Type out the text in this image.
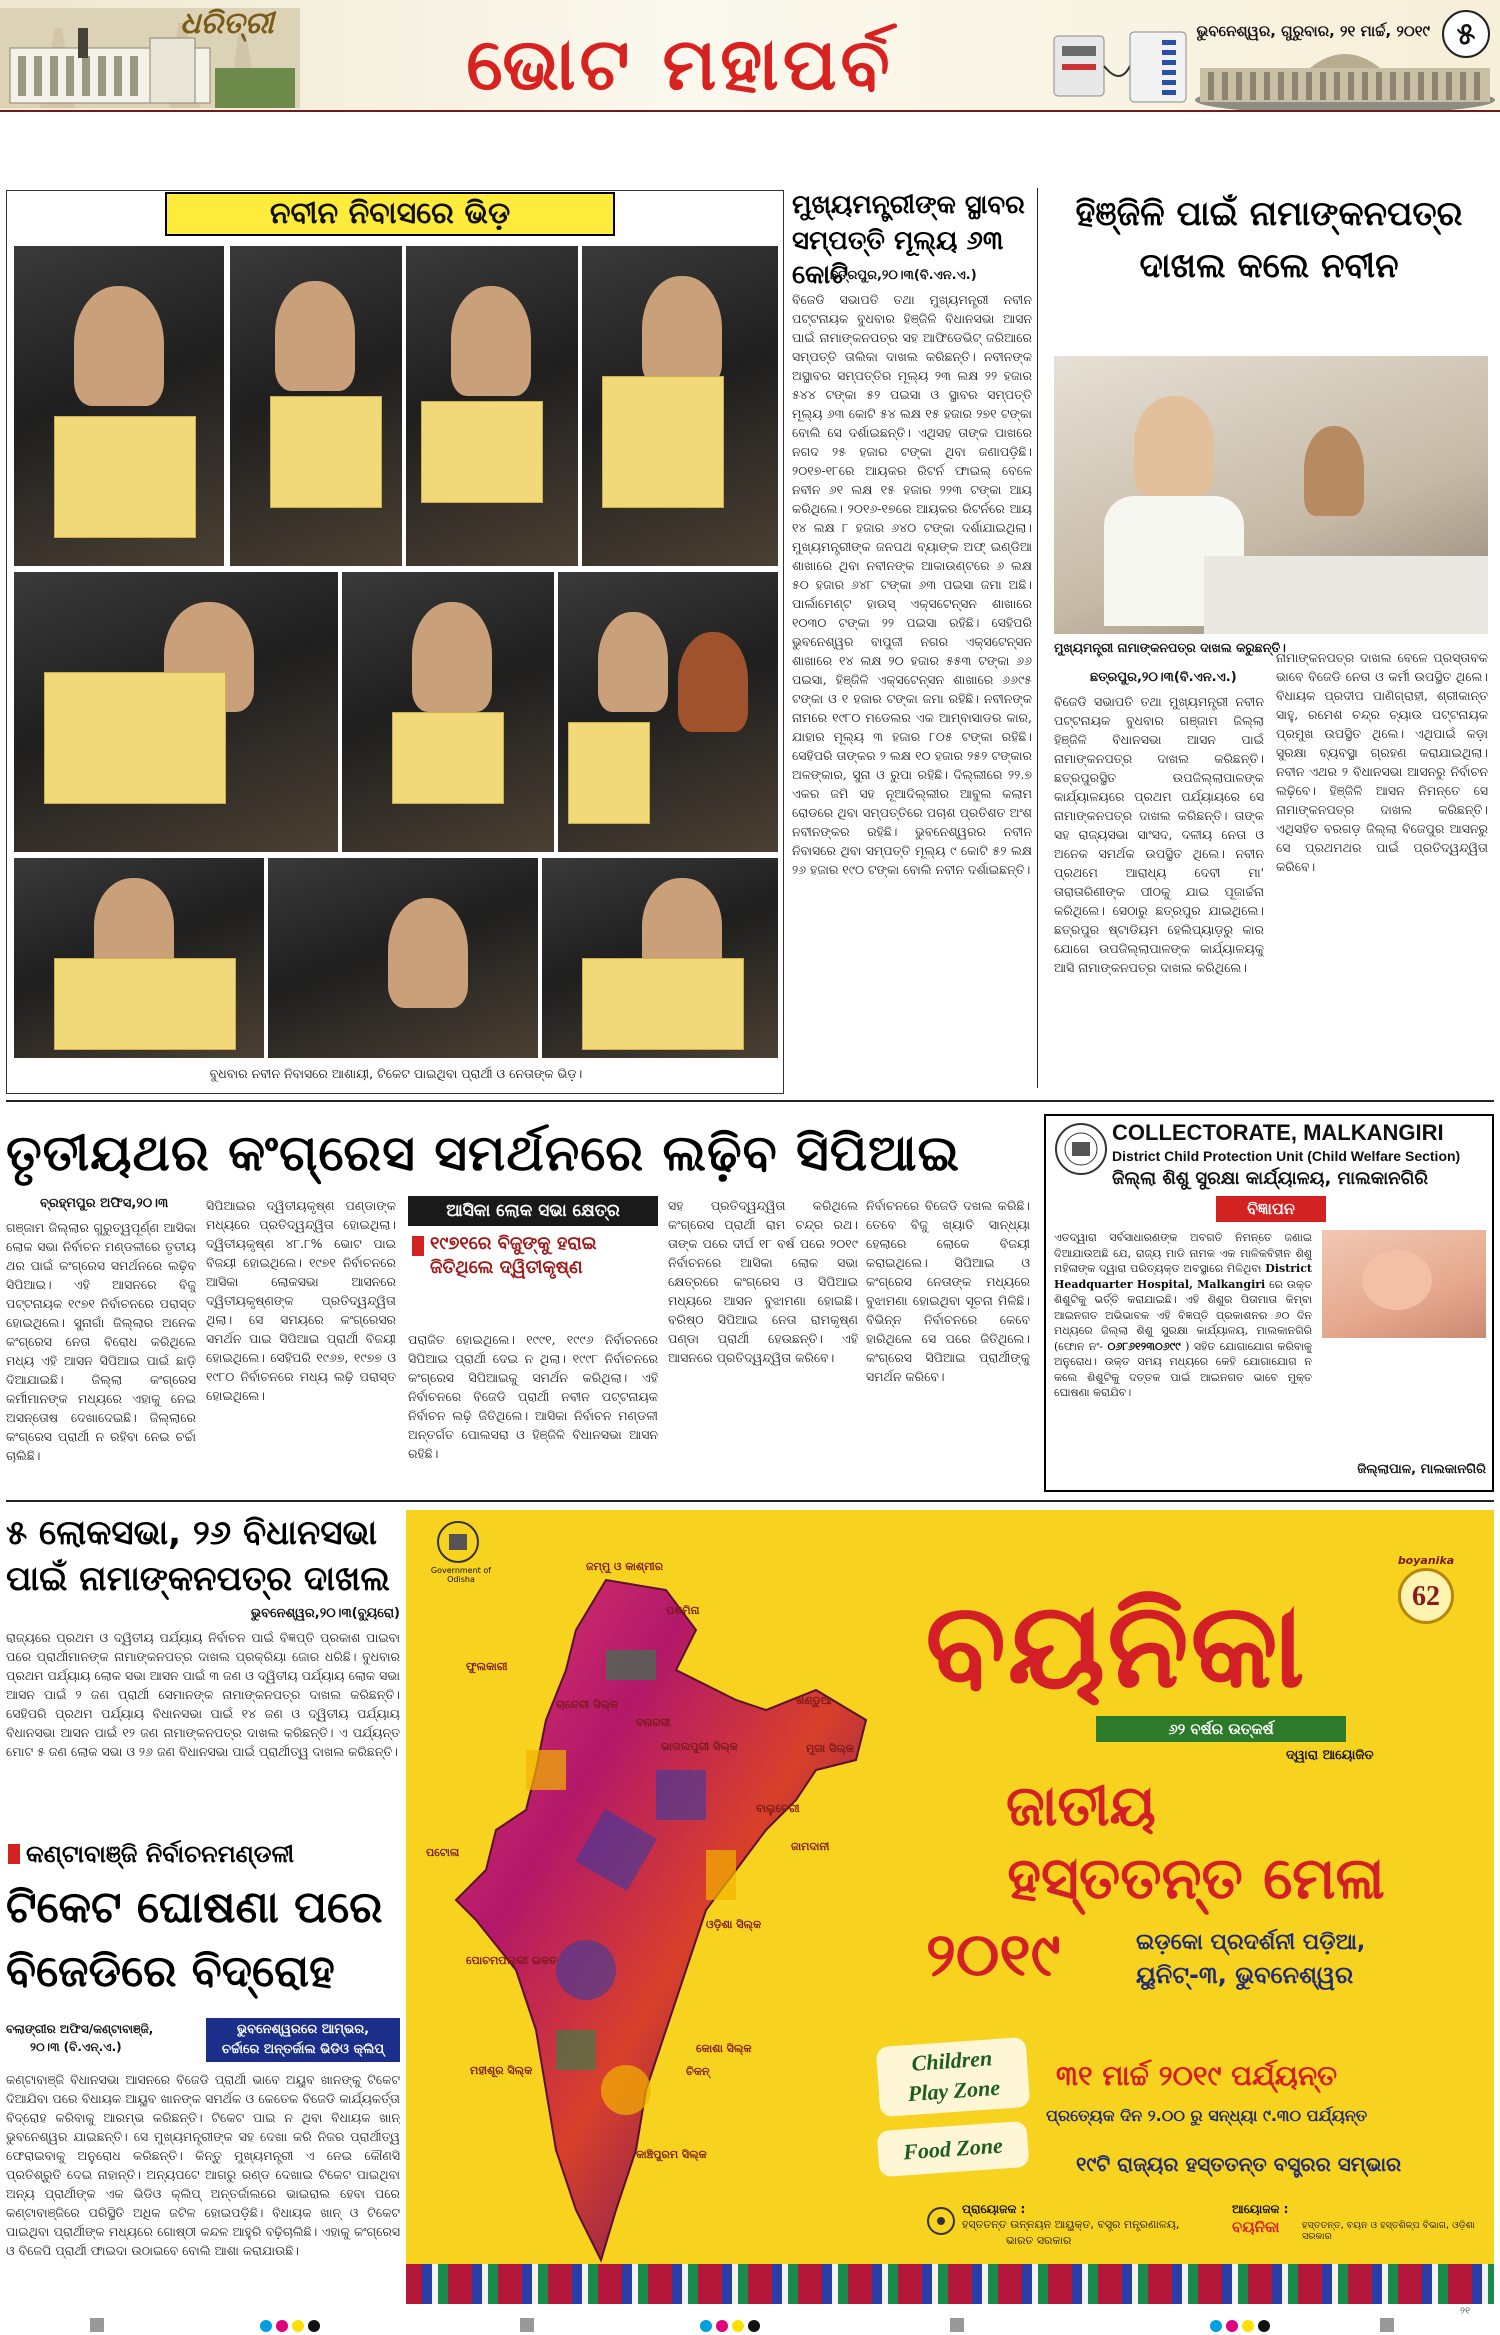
ଧରିତ୍ରୀ	ଭୋଟ ମହାପର୍ବ	ଭୁବନେଶ୍ୱର, ଗୁରୁବାର, ୨୧ ମାର୍ଚ୍ଚ, ୨୦୧୯ ୫
ନବୀନ ନିବାସରେ ଭିଡ଼
ବୁଧବାର ନବୀନ ନିବାସରେ ଆଶାୟୀ, ଟିକେଟ ପାଇଥିବା ପ୍ରାର୍ଥୀ ଓ ନେତାଙ୍କ ଭିଡ଼।
ମୁଖ୍ୟମନ୍ତ୍ରୀଙ୍କ ସ୍ଥାବର
ସମ୍ପତ୍ତି ମୂଲ୍ୟ ୬୩ କୋଟି
ଛତ୍ରପୁର,୨୦।୩(ବି.ଏନ.ଏ.)
ବିଜେଡି ସଭାପତି ତଥା ମୁଖ୍ୟମନ୍ତ୍ରୀ ନବୀନ ପଟ୍ଟନାୟକ ବୁଧବାର ହିଞ୍ଜିଳି ବିଧାନସଭା ଆସନ ପାଇଁ ନାମାଙ୍କନପତ୍ର ସହ ଆଫିଡେଭିଟ୍ ଜରିଆରେ ସମ୍ପତ୍ତି ତାଲିକା ଦାଖଲ କରିଛନ୍ତି। ନବୀନଙ୍କ ଅସ୍ଥାବର ସମ୍ପତ୍ତିର ମୂଲ୍ୟ ୨୩ ଲକ୍ଷ ୨୨ ହଜାର ୫୪୪ ଟଙ୍କା ୫୨ ପଇସା ଓ ସ୍ଥାବର ସମ୍ପତ୍ତି ମୂଲ୍ୟ ୬୩ କୋଟି ୫୪ ଲକ୍ଷ ୧୫ ହଜାର ୨୭୧ ଟଙ୍କା ବୋଲି ସେ ଦର୍ଶାଇଛନ୍ତି। ଏଥିସହ ତାଙ୍କ ପାଖରେ ନଗଦ ୨୫ ହଜାର ଟଙ୍କା ଥିବା ଜଣାପଡ଼ିଛି। ୨୦୧୭-୧୮ରେ ଆୟକର ରିଟର୍ନ ଫାଇଲ୍ ବେଳେ ନବୀନ ୬୧ ଲକ୍ଷ ୧୫ ହଜାର ୨୨୩ ଟଙ୍କା ଆୟ କରିଥିଲେ। ୨୦୧୬-୧୭ରେ ଆୟକର ରିଟର୍ନରେ ଆୟ ୧୪ ଲକ୍ଷ ୮ ହଜାର ୬୪୦ ଟଙ୍କା ଦର୍ଶାଯାଇଥିଲା। ମୁଖ୍ୟମନ୍ତ୍ରୀଙ୍କ ଜନପଥ ବ୍ୟାଙ୍କ ଅଫ୍ ଇଣ୍ଡିଆ ଶାଖାରେ ଥିବା ନବୀନଙ୍କ ଆକାଉଣ୍ଟରେ ୬ ଲକ୍ଷ ୫୦ ହଜାର ୬୪୮ ଟଙ୍କା ୬୩ ପଇସା ଜମା ଅଛି। ପାର୍ଲାମେଣ୍ଟ ହାଉସ୍ ଏକ୍ସଟେନ୍ସନ ଶାଖାରେ ୧୦୩୦ ଟଙ୍କା ୨୨ ପଇସା ରହିଛି। ସେହିପରି ଭୁବନେଶ୍ୱର ବାପୁଜୀ ନଗର ଏକ୍ସଟେନ୍ସନ ଶାଖାରେ ୧୪ ଲକ୍ଷ ୨୦ ହଜାର ୫୫୩ ଟଙ୍କା ୬୬ ପଇସା, ହିଞ୍ଜିଳି ଏକ୍ସଟେନ୍ସନ ଶାଖାରେ ୬୬୯୫ ଟଙ୍କା ଓ ୧ ହଜାର ଟଙ୍କା ଜମା ରହିଛି। ନବୀନଙ୍କ ନାମରେ ୧୯୮୦ ମଡେଲର ଏକ ଆମ୍ବାସାଡର କାର, ଯାହାର ମୂଲ୍ୟ ୩ ହଜାର ୮୦୫ ଟଙ୍କା ରହିଛି। ସେହିପରି ତାଙ୍କର ୨ ଲକ୍ଷ ୧୦ ହଜାର ୨୫୨ ଟଙ୍କାର ଅଳଙ୍କାର, ସୁନା ଓ ରୁପା ରହିଛି। ଦିଲ୍ଲୀରେ ୨୨.୭ ଏକର ଜମି ସହ ନୂଆଦିଲ୍ଲୀର ଆବୁଲ କଲାମ ରୋଡରେ ଥିବା ସମ୍ପତ୍ତିରେ ପଚାଶ ପ୍ରତିଶତ ଅଂଶ ନବୀନଙ୍କର ରହିଛି। ଭୁବନେଶ୍ୱରର ନବୀନ ନିବାସରେ ଥିବା ସମ୍ପତ୍ତି ମୂଲ୍ୟ ୯ କୋଟି ୫୨ ଲକ୍ଷ ୨୬ ହଜାର ୧୯୦ ଟଙ୍କା ବୋଲି ନବୀନ ଦର୍ଶାଇଛନ୍ତି।
ହିଞ୍ଜିଳି ପାଇଁ ନାମାଙ୍କନପତ୍ର
ଦାଖଲ କଲେ ନବୀନ
ମୁଖ୍ୟମନ୍ତ୍ରୀ ନାମାଙ୍କନପତ୍ର ଦାଖଲ କରୁଛନ୍ତି।
ଛତ୍ରପୁର,୨୦।୩(ବି.ଏନ.ଏ.)
ବିଜେଡି ସଭାପତି ତଥା ମୁଖ୍ୟମନ୍ତ୍ରୀ ନବୀନ ପଟ୍ଟନାୟକ ବୁଧବାର ଗଞ୍ଜାମ ଜିଲ୍ଲା ହିଞ୍ଜିଳି ବିଧାନସଭା ଆସନ ପାଇଁ ନାମାଙ୍କନପତ୍ର ଦାଖଲ କରିଛନ୍ତି। ଛତ୍ରପୁରସ୍ଥିତ ଉପଜିଲ୍ଲାପାଳଙ୍କ କାର୍ଯ୍ୟାଳୟରେ ପ୍ରଥମ ପର୍ଯ୍ୟାୟରେ ସେ ନାମାଙ୍କନପତ୍ର ଦାଖଲ କରିଛନ୍ତି। ତାଙ୍କ ସହ ରାଜ୍ୟସଭା ସାଂସଦ, ଦଳୀୟ ନେତା ଓ ଅନେକ ସମର୍ଥକ ଉପସ୍ଥିତ ଥିଲେ। ନବୀନ ପ୍ରଥମେ ଆରାଧ୍ୟ ଦେବୀ ମା' ତାରାତାରିଣୀଙ୍କ ପୀଠକୁ ଯାଇ ପୂଜାର୍ଚ୍ଚନା କରିଥିଲେ। ସେଠାରୁ ଛତ୍ରପୁର ଯାଇଥିଲେ। ଛତ୍ରପୁର ଷ୍ଟାଡିୟମ ହେଲିପ୍ୟାଡ଼ରୁ କାର ଯୋଗେ ଉପଜିଲ୍ଲାପାଳଙ୍କ କାର୍ଯ୍ୟାଳୟକୁ ଆସି ନାମାଙ୍କନପତ୍ର ଦାଖଲ କରିଥିଲେ।
ନାମାଙ୍କନପତ୍ର ଦାଖଲ ବେଳେ ପ୍ରସ୍ତାବକ ଭାବେ ବିଜେଡି ନେତା ଓ କର୍ମୀ ଉପସ୍ଥିତ ଥିଲେ। ବିଧାୟକ ପ୍ରଦୀପ ପାଣିଗ୍ରାହୀ, ଶ୍ରୀକାନ୍ତ ସାହୁ, ରମେଶ ଚନ୍ଦ୍ର ଚ୍ୟାଉ ପଟ୍ଟନାୟକ ପ୍ରମୁଖ ଉପସ୍ଥିତ ଥିଲେ। ଏଥିପାଇଁ କଡ଼ା ସୁରକ୍ଷା ବ୍ୟବସ୍ଥା ଗ୍ରହଣ କରାଯାଇଥିଲା। ନବୀନ ଏଥର ୨ ବିଧାନସଭା ଆସନରୁ ନିର୍ବାଚନ ଲଢ଼ିବେ। ହିଞ୍ଜିଳି ଆସନ ନିମନ୍ତେ ସେ ନାମାଙ୍କନପତ୍ର ଦାଖଲ କରିଛନ୍ତି। ଏଥିସହିତ ବରଗଡ଼ ଜିଲ୍ଲା ବିଜେପୁର ଆସନରୁ ସେ ପ୍ରଥମଥର ପାଇଁ ପ୍ରତିଦ୍ୱନ୍ଦ୍ୱିତା କରିବେ।
ତୃତୀୟଥର କଂଗ୍ରେସ ସମର୍ଥନରେ ଲଢ଼ିବ ସିପିଆଇ
ବ୍ରହ୍ମପୁର ଅଫିସ,୨୦।୩
ଗଞ୍ଜାମ ଜିଲ୍ଲାର ଗୁରୁତ୍ୱପୂର୍ଣ୍ଣ ଆସିକା ଲୋକ ସଭା ନିର୍ବାଚନ ମଣ୍ଡଳୀରେ ତୃତୀୟ ଥର ପାଇଁ କଂଗ୍ରେସ ସମର୍ଥନରେ ଲଢ଼ିବ ସିପିଆଇ। ଏହି ଆସନରେ ବିଜୁ ପଟ୍ଟନାୟକ ୧୯୭୧ ନିର୍ବାଚନରେ ପରାସ୍ତ ହୋଇଥିଲେ। ସୁନାଗାଁ ଜିଲ୍ଲାର ଅନେକ କଂଗ୍ରେସ ନେତା ବିରୋଧ କରିଥିଲେ ମଧ୍ୟ ଏହି ଆସନ ସିପିଆଇ ପାଇଁ ଛାଡ଼ି ଦିଆଯାଇଛି। ଜିଲ୍ଲା କଂଗ୍ରେସ କର୍ମୀମାନଙ୍କ ମଧ୍ୟରେ ଏହାକୁ ନେଇ ଅସନ୍ତୋଷ ଦେଖାଦେଇଛି। ଜିଲ୍ଲାରେ କଂଗ୍ରେସ ପ୍ରାର୍ଥୀ ନ ରହିବା ନେଇ ଚର୍ଚ୍ଚା ଚାଲିଛି।
ସିପିଆଇର ଦ୍ୱିତୀୟକୃଷ୍ଣ ପଣ୍ଡାଙ୍କ ମଧ୍ୟରେ ପ୍ରତିଦ୍ୱନ୍ଦ୍ୱିତା ହୋଇଥିଲା। ଦ୍ୱିତୀୟକୃଷ୍ଣ ୪୮.୮% ଭୋଟ ପାଇ ବିଜୟୀ ହୋଇଥିଲେ। ୧୯୭୧ ନିର୍ବାଚନରେ ଆସିକା ଲୋକସଭା ଆସନରେ ଦ୍ୱିତୀୟକୃଷ୍ଣଙ୍କ ପ୍ରତିଦ୍ୱନ୍ଦ୍ୱିତା ଥିଲା। ସେ ସମୟରେ କଂଗ୍ରେସର ସମର୍ଥନ ପାଇ ସିପିଆଇ ପ୍ରାର୍ଥୀ ବିଜୟୀ ହୋଇଥିଲେ। ସେହିପରି ୧୯୬୭, ୧୯୭୭ ଓ ୧୯୮୦ ନିର୍ବାଚନରେ ମଧ୍ୟ ଲଢ଼ି ପରାସ୍ତ ହୋଇଥିଲେ।
ଆସିକା ଲୋକ ସଭା କ୍ଷେତ୍ର
୧୯୭୧ରେ ବିଜୁଙ୍କୁ ହରାଇ ଜିତିଥିଲେ ଦ୍ୱିତୀକୃଷ୍ଣ
ପରାଜିତ ହୋଇଥିଲେ। ୧୯୯୧, ୧୯୯୬ ନିର୍ବାଚନରେ ସିପିଆଇ ପ୍ରାର୍ଥୀ ଦେଇ ନ ଥିଲା। ୧୯୯୮ ନିର୍ବାଚନରେ କଂଗ୍ରେସ ସିପିଆଇକୁ ସମର୍ଥନ କରିଥିଲା। ଏହି ନିର୍ବାଚନରେ ବିଜେଡି ପ୍ରାର୍ଥୀ ନବୀନ ପଟ୍ଟନାୟକ ନିର୍ବାଚନ ଲଢ଼ି ଜିତିଥିଲେ। ଆସିକା ନିର୍ବାଚନ ମଣ୍ଡଳୀ ଅନ୍ତର୍ଗତ ପୋଲସରା ଓ ହିଞ୍ଜିଳି ବିଧାନସଭା ଆସନ ରହିଛି।
ସହ ପ୍ରତିଦ୍ୱନ୍ଦ୍ୱିତା କରିଥିଲେ କଂଗ୍ରେସ ପ୍ରାର୍ଥୀ ରାମ ଚନ୍ଦ୍ର ରଥ। ତାଙ୍କ ପରେ ଦୀର୍ଘ ୧୮ ବର୍ଷ ପରେ ୨୦୧୯ ନିର୍ବାଚନରେ ଆସିକା ଲୋକ ସଭା କ୍ଷେତ୍ରରେ କଂଗ୍ରେସ ଓ ସିପିଆଇ ମଧ୍ୟରେ ଆସନ ବୁଝାମଣା ହୋଇଛି। ବରିଷ୍ଠ ସିପିଆଇ ନେତା ରାମକୃଷ୍ଣ ପଣ୍ଡା ପ୍ରାର୍ଥୀ ହେଉଛନ୍ତି। ଏହି ଆସନରେ ପ୍ରତିଦ୍ୱନ୍ଦ୍ୱିତା କରିବେ।
ନିର୍ବାଚନରେ ବିଜେଡି ଦଖଲ କରିଛି। ତେବେ ବିଜୁ ଖ୍ୟାତି ସାନ୍ଧ୍ୟା ହେଲାରେ ଲୋକେ ବିଜୟୀ କରାଇଥିଲେ। ସିପିଆଇ ଓ କଂଗ୍ରେସ ନେତାଙ୍କ ମଧ୍ୟରେ ବୁଝାମଣା ହୋଇଥିବା ସୂଚନା ମିଳିଛି। ବିଭିନ୍ନ ନିର୍ବାଚନରେ କେବେ ହାରିଥିଲେ ସେ ପରେ ଜିତିଥିଲେ। କଂଗ୍ରେସ ସିପିଆଇ ପ୍ରାର୍ଥୀଙ୍କୁ ସମର୍ଥନ କରିବେ।
COLLECTORATE, MALKANGIRI
District Child Protection Unit (Child Welfare Section)
ଜିଲ୍ଲା ଶିଶୁ ସୁରକ୍ଷା କାର୍ଯ୍ୟାଳୟ, ମାଲକାନଗିରି
ବିଜ୍ଞାପନ
ଏତଦ୍ୱାରା ସର୍ବସାଧାରଣଙ୍କ ଅବଗତି ନିମନ୍ତେ ଜଣାଇ ଦିଆଯାଉଅଛି ଯେ, ରାଜ୍ୟ ମାଡି ନାମକ ଏକ ମାଳିକବିହୀନ ଶିଶୁ ମହିଳାଙ୍କ ଦ୍ୱାରା ପରିତ୍ୟକ୍ତ ଅବସ୍ଥାରେ ମିଳିଥିବା District Headquarter Hospital, Malkangiri ରେ ଉକ୍ତ ଶିଶୁଟିକୁ ଭର୍ତ୍ତି କରାଯାଇଛି। ଏହି ଶିଶୁର ପିତାମାତା କିମ୍ବା ଆଇନଗତ ଅଭିଭାବକ ଏହି ବିଜ୍ଞପ୍ତି ପ୍ରକାଶନର ୬୦ ଦିନ ମଧ୍ୟରେ ଜିଲ୍ଲା ଶିଶୁ ସୁରକ୍ଷା କାର୍ଯ୍ୟାଳୟ, ମାଲକାନଗିରି (ଫୋନ ନଂ- ୦୬୮୬୧୨୩୦୬୯୯ ) ସହିତ ଯୋଗାଯୋଗ କରିବାକୁ ଅନୁରୋଧ। ଉକ୍ତ ସମୟ ମଧ୍ୟରେ କେହି ଯୋଗାଯୋଗ ନ କଲେ ଶିଶୁଟିକୁ ଦତ୍ତକ ପାଇଁ ଆଇନଗତ ଭାବେ ମୁକ୍ତ ଘୋଷଣା କରାଯିବ।
ଜିଲ୍ଲାପାଳ, ମାଲକାନଗିରି
୫ ଲୋକସଭା, ୨୬ ବିଧାନସଭା
ପାଇଁ ନାମାଙ୍କନପତ୍ର ଦାଖଲ
ଭୁବନେଶ୍ୱର,୨୦।୩(ବ୍ୟୁରୋ)
ରାଜ୍ୟରେ ପ୍ରଥମ ଓ ଦ୍ୱିତୀୟ ପର୍ଯ୍ୟାୟ ନିର୍ବାଚନ ପାଇଁ ବିଜ୍ଞପ୍ତି ପ୍ରକାଶ ପାଇବା ପରେ ପ୍ରାର୍ଥୀମାନଙ୍କ ନାମାଙ୍କନପତ୍ର ଦାଖଲ ପ୍ରକ୍ରିୟା ଜୋର ଧରିଛି। ବୁଧବାର ପ୍ରଥମ ପର୍ଯ୍ୟାୟ ଲୋକ ସଭା ଆସନ ପାଇଁ ୩ ଜଣ ଓ ଦ୍ୱିତୀୟ ପର୍ଯ୍ୟାୟ ଲୋକ ସଭା ଆସନ ପାଇଁ ୨ ଜଣ ପ୍ରାର୍ଥୀ ସେମାନଙ୍କ ନାମାଙ୍କନପତ୍ର ଦାଖଲ କରିଛନ୍ତି। ସେହିପରି ପ୍ରଥମ ପର୍ଯ୍ୟାୟ ବିଧାନସଭା ପାଇଁ ୧୪ ଜଣ ଓ ଦ୍ୱିତୀୟ ପର୍ଯ୍ୟାୟ ବିଧାନସଭା ଆସନ ପାଇଁ ୧୨ ଜଣ ନାମାଙ୍କନପତ୍ର ଦାଖଲ କରିଛନ୍ତି। ଏ ପର୍ଯ୍ୟନ୍ତ ମୋଟ ୫ ଜଣ ଲୋକ ସଭା ଓ ୨୬ ଜଣ ବିଧାନସଭା ପାଇଁ ପ୍ରାର୍ଥୀତ୍ୱ ଦାଖଲ କରିଛନ୍ତି।
କଣ୍ଟାବାଞ୍ଜି ନିର୍ବାଚନମଣ୍ଡଳୀ
ଟିକେଟ ଘୋଷଣା ପରେ
ବିଜେଡିରେ ବିଦ୍ରୋହ
ବଲାଙ୍ଗୀର ଅଫିସ/କଣ୍ଟାବାଞ୍ଜି,
୨୦।୩ (ବି.ଏନ୍.ଏ.)
ଭୁବନେଶ୍ୱରରେ ଆମ୍ଭର,
ଚର୍ଚ୍ଚାରେ ଅନ୍ତର୍ଜାଲ ଭିଡିଓ କ୍ଲିପ୍
କଣ୍ଟାବାଞ୍ଜି ବିଧାନସଭା ଆସନରେ ବିଜେଡି ପ୍ରାର୍ଥୀ ଭାବେ ଅୟୁବ ଖାନଙ୍କୁ ଟିକେଟ ଦିଆଯିବା ପରେ ବିଧାୟକ ଆୟୁବ ଖାନଙ୍କ ସମର୍ଥକ ଓ କେତେକ ବିଜେଡି କାର୍ଯ୍ୟକର୍ତ୍ତା ବିଦ୍ରୋହ କରିବାକୁ ଆରମ୍ଭ କରିଛନ୍ତି। ଟିକେଟ ପାଇ ନ ଥିବା ବିଧାୟକ ଖାନ୍ ଭୁବନେଶ୍ୱର ଯାଇଛନ୍ତି। ସେ ମୁଖ୍ୟମନ୍ତ୍ରୀଙ୍କ ସହ ଦେଖା କରି ନିଜର ପ୍ରାର୍ଥୀତ୍ୱ ଫେରାଇବାକୁ ଅନୁରୋଧ କରିଛନ୍ତି। କିନ୍ତୁ ମୁଖ୍ୟମନ୍ତ୍ରୀ ଏ ନେଇ କୌଣସି ପ୍ରତିଶ୍ରୁତି ଦେଇ ନାହାନ୍ତି। ଅନ୍ୟପଟେ ଆଗରୁ ରଣ୍ଡ ଦେଖାଇ ଟିକେଟ ପାଇଥିବା ଅନ୍ୟ ପ୍ରାର୍ଥୀଙ୍କ ଏକ ଭିଡିଓ କ୍ଲିପ୍ ଅନ୍ତର୍ଜାଲରେ ଭାଇରାଲ ହେବା ପରେ କଣ୍ଟାବାଞ୍ଜିରେ ପରିସ୍ଥିତି ଅଧିକ ଜଟିଳ ହୋଇପଡ଼ିଛି। ବିଧାୟକ ଖାନ୍ ଓ ଟିକେଟ ପାଇଥିବା ପ୍ରାର୍ଥୀଙ୍କ ମଧ୍ୟରେ ଗୋଷ୍ଠୀ କନ୍ଦଳ ଆହୁରି ବଢ଼ିଚାଲିଛି। ଏହାକୁ କଂଗ୍ରେସ ଓ ବିଜେପି ପ୍ରାର୍ଥୀ ଫାଇଦା ଉଠାଇବେ ବୋଲି ଆଶା କରାଯାଉଛି।
Government of Odisha
ଜମ୍ମୁ ଓ କାଶ୍ମୀର
ଫୁଲକାରୀ
ଚାନ୍ଦେରୀ ସିଲ୍କ
ପଶମିନା
ବନାରସୀ
ଭାଗଲପୁରୀ ସିଲ୍କ	ମୁଗା ସିଲ୍କ
ବାଲୁଚେରୀ
ଜାମଦାନୀ
ଓଡ଼ିଶା ସିଲ୍କ
ପଟୋଳା
ପୋଚମପଲ୍ଲୀ ଇକତ
ମହୀଶୂର ସିଲ୍କ
କୋଶା ସିଲ୍କ
କାଞ୍ଚିପୁରମ ସିଲ୍କ
ଖଣ୍ଡୁଆ
ଚିକନ୍
ବୟନିକା
୬୨ ବର୍ଷର ଉତ୍କର୍ଷ
ଦ୍ୱାରା ଆୟୋଜିତ
boyanika
62
ଜାତୀୟ
ହସ୍ତତନ୍ତ ମେଳା
୨୦୧୯	ଇଡ଼କୋ ପ୍ରଦର୍ଶନୀ ପଡ଼ିଆ,
ୟୁନିଟ୍-୩, ଭୁବନେଶ୍ୱର
୩୧ ମାର୍ଚ୍ଚ ୨୦୧୯ ପର୍ଯ୍ୟନ୍ତ
ପ୍ରତ୍ୟେକ ଦିନ ୨.୦୦ ରୁ ସନ୍ଧ୍ୟା ୯.୩୦ ପର୍ଯ୍ୟନ୍ତ
୧୯ଟି ରାଜ୍ୟର ହସ୍ତତନ୍ତ ବସ୍ତ୍ରର ସମ୍ଭାର
Children
Play Zone
Food Zone
ପ୍ରାୟୋଜକ :
ହସ୍ତତନ୍ତ ଉନ୍ନୟନ ଆୟୁକ୍ତ, ବସ୍ତ୍ର ମନ୍ତ୍ରଣାଳୟ,
ଭାରତ ସରକାର
ଆୟୋଜକ :
ବୟନିକା	ହସ୍ତତନ୍ତ, ବୟନ ଓ ହସ୍ତଶିଳ୍ପ ବିଭାଗ, ଓଡ଼ିଶା ସରକାର
୨୧
